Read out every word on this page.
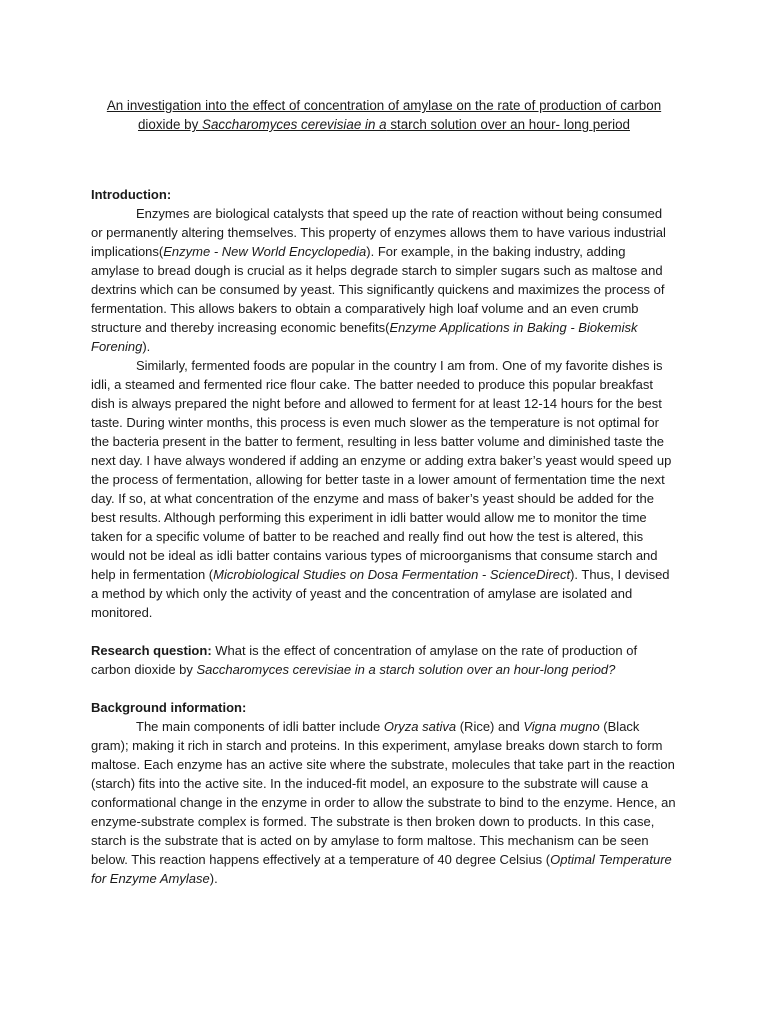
An investigation into the effect of concentration of amylase on the rate of production of carbon dioxide by Saccharomyces cerevisiae in a starch solution over an hour- long period
Introduction:

Enzymes are biological catalysts that speed up the rate of reaction without being consumed or permanently altering themselves. This property of enzymes allows them to have various industrial implications(Enzyme - New World Encyclopedia). For example, in the baking industry, adding amylase to bread dough is crucial as it helps degrade starch to simpler sugars such as maltose and dextrins which can be consumed by yeast. This significantly quickens and maximizes the process of fermentation. This allows bakers to obtain a comparatively high loaf volume and an even crumb structure and thereby increasing economic benefits(Enzyme Applications in Baking - Biokemisk Forening).

Similarly, fermented foods are popular in the country I am from. One of my favorite dishes is idli, a steamed and fermented rice flour cake. The batter needed to produce this popular breakfast dish is always prepared the night before and allowed to ferment for at least 12-14 hours for the best taste. During winter months, this process is even much slower as the temperature is not optimal for the bacteria present in the batter to ferment, resulting in less batter volume and diminished taste the next day. I have always wondered if adding an enzyme or adding extra baker’s yeast would speed up the process of fermentation, allowing for better taste in a lower amount of fermentation time the next day. If so, at what concentration of the enzyme and mass of baker’s yeast should be added for the best results. Although performing this experiment in idli batter would allow me to monitor the time taken for a specific volume of batter to be reached and really find out how the test is altered, this would not be ideal as idli batter contains various types of microorganisms that consume starch and help in fermentation (Microbiological Studies on Dosa Fermentation - ScienceDirect). Thus, I devised a method by which only the activity of yeast and the concentration of amylase are isolated and monitored.

Research question: What is the effect of concentration of amylase on the rate of production of carbon dioxide by Saccharomyces cerevisiae in a starch solution over an hour-long period?

Background information:

The main components of idli batter include Oryza sativa (Rice) and Vigna mugno (Black gram); making it rich in starch and proteins. In this experiment, amylase breaks down starch to form maltose. Each enzyme has an active site where the substrate, molecules that take part in the reaction (starch) fits into the active site. In the induced-fit model, an exposure to the substrate will cause a conformational change in the enzyme in order to allow the substrate to bind to the enzyme. Hence, an enzyme-substrate complex is formed. The substrate is then broken down to products. In this case, starch is the substrate that is acted on by amylase to form maltose. This mechanism can be seen below. This reaction happens effectively at a temperature of 40 degree Celsius (Optimal Temperature for Enzyme Amylase).
